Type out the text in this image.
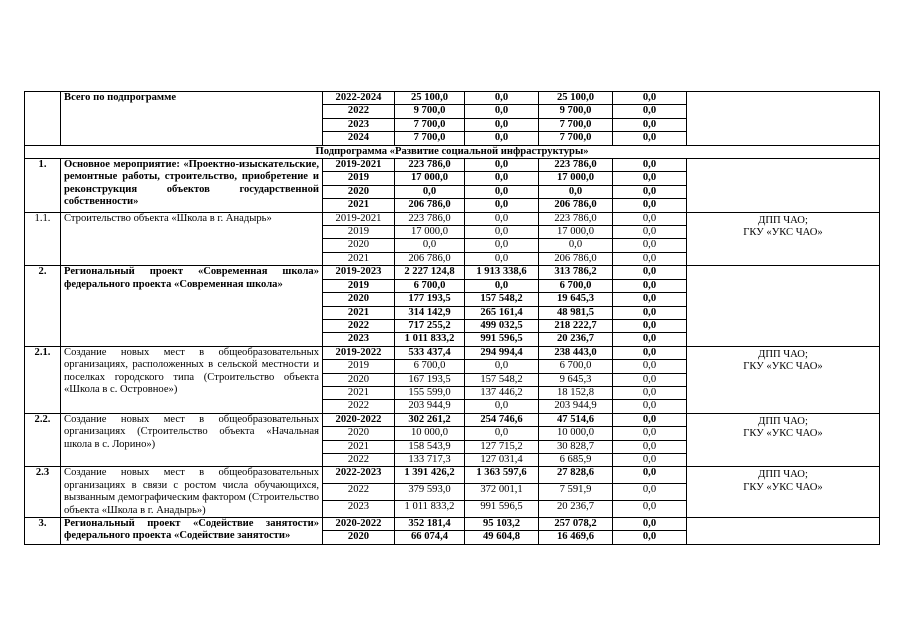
	Всего по подпрограмме	2022-2024	25 100,0	0,0	25 100,0	0,0	
		2022	9 700,0	0,0	9 700,0	0,0	
		2023	7 700,0	0,0	7 700,0	0,0	
		2024	7 700,0	0,0	7 700,0	0,0	
Подпрограмма «Развитие социальной инфраструктуры»							
1.	Основное мероприятие: «Проектно-изыскательские, ремонтные работы, строительство, приобретение и реконструкция объектов государственной собственности»	2019-2021	223 786,0	0,0	223 786,0	0,0	
		2019	17 000,0	0,0	17 000,0	0,0	
		2020	0,0	0,0	0,0	0,0	
		2021	206 786,0	0,0	206 786,0	0,0	
1.1.	Строительство объекта «Школа в г. Анадырь»	2019-2021	223 786,0	0,0	223 786,0	0,0	ДПП ЧАО;
ГКУ «УКС ЧАО»
		2019	17 000,0	0,0	17 000,0	0,0	
		2020	0,0	0,0	0,0	0,0	
		2021	206 786,0	0,0	206 786,0	0,0	
2.	Региональный проект «Современная школа» федерального проекта «Современная школа»	2019-2023	2 227 124,8	1 913 338,6	313 786,2	0,0	
		2019	6 700,0	0,0	6 700,0	0,0	
		2020	177 193,5	157 548,2	19 645,3	0,0	
		2021	314 142,9	265 161,4	48 981,5	0,0	
		2022	717 255,2	499 032,5	218 222,7	0,0	
		2023	1 011 833,2	991 596,5	20 236,7	0,0	
2.1.	Создание новых мест в общеобразовательных организациях, расположенных в сельской местности и поселках городского типа (Строительство объекта «Школа в с. Островное»)	2019-2022	533 437,4	294 994,4	238 443,0	0,0	ДПП ЧАО;
ГКУ «УКС ЧАО»
		2019	6 700,0	0,0	6 700,0	0,0	
		2020	167 193,5	157 548,2	9 645,3	0,0	
		2021	155 599,0	137 446,2	18 152,8	0,0	
		2022	203 944,9	0,0	203 944,9	0,0	
2.2.	Создание новых мест в общеобразовательных организациях (Строительство объекта «Начальная школа в с. Лорино»)	2020-2022	302 261,2	254 746,6	47 514,6	0,0	ДПП ЧАО;
ГКУ «УКС ЧАО»
		2020	10 000,0	0,0	10 000,0	0,0	
		2021	158 543,9	127 715,2	30 828,7	0,0	
		2022	133 717,3	127 031,4	6 685,9	0,0	
2.3	Создание новых мест в общеобразовательных организациях в связи с ростом числа обучающихся, вызванным демографическим фактором (Строительство объекта «Школа в г. Анадырь»)	2022-2023	1 391 426,2	1 363 597,6	27 828,6	0,0	ДПП ЧАО;
ГКУ «УКС ЧАО»
		2022	379 593,0	372 001,1	7 591,9	0,0	
		2023	1 011 833,2	991 596,5	20 236,7	0,0	
3.	Региональный проект «Содействие занятости» федерального проекта «Содействие занятости»	2020-2022	352 181,4	95 103,2	257 078,2	0,0	
		2020	66 074,4	49 604,8	16 469,6	0,0	
